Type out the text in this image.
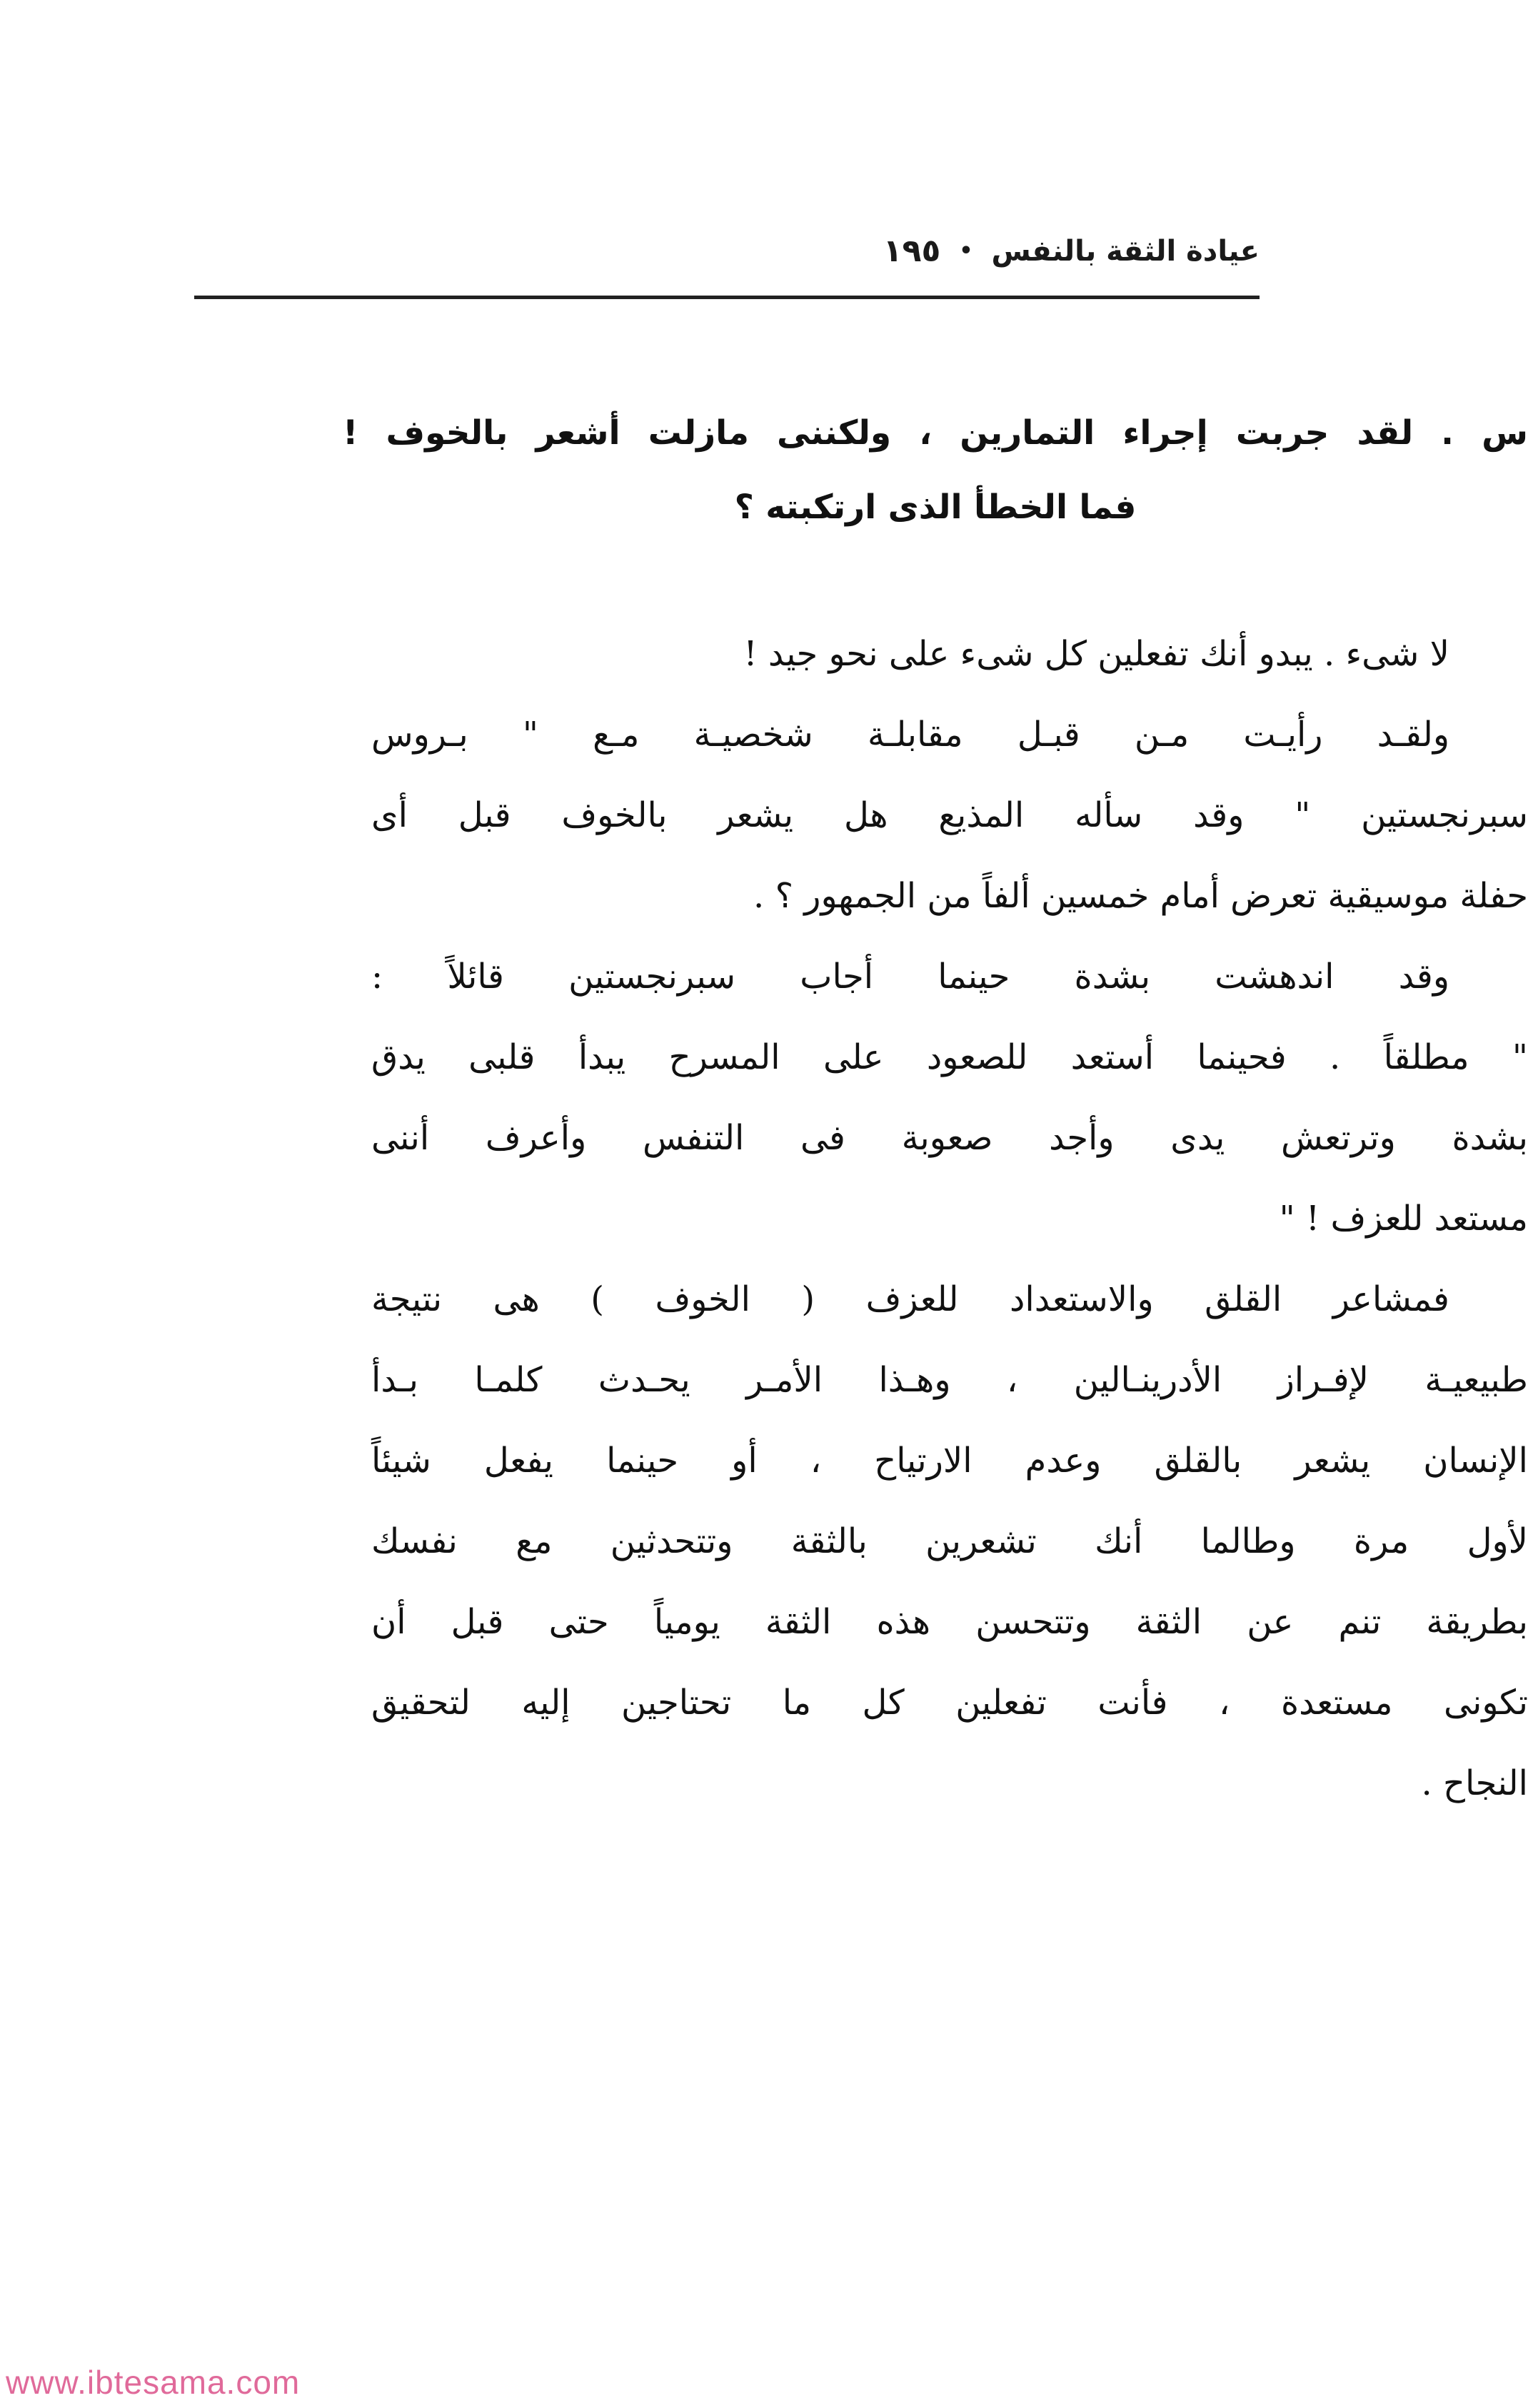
عيادة الثقة بالنفس
•
١٩٥
س . لقد جربت إجراء التمارين ، ولكننى مازلت أشعر بالخوف !
فما الخطأ الذى ارتكبته ؟

لا شىء . يبدو أنك تفعلين كل شىء على نحو جيد !

ولقـد رأيـت مـن قبـل مقابلـة شخصيـة مـع " بـروس
سبرنجستين " وقد سأله المذيع هل يشعر بالخوف قبل أى
حفلة موسيقية تعرض أمام خمسين ألفاً من الجمهور ؟ .

وقد اندهشت بشدة حينما أجاب سبرنجستين قائلاً :
" مطلقاً . فحينما أستعد للصعود على المسرح يبدأ قلبى يدق
بشدة وترتعش يدى وأجد صعوبة فى التنفس وأعرف أننى
مستعد للعزف ! "

فمشاعر القلق والاستعداد للعزف ( الخوف ) هى نتيجة
طبيعيـة لإفـراز الأدرينـالين ، وهـذا الأمـر يحـدث كلمـا بـدأ
الإنسان يشعر بالقلق وعدم الارتياح ، أو حينما يفعل شيئاً
لأول مرة وطالما أنك تشعرين بالثقة وتتحدثين مع نفسك
بطريقة تنم عن الثقة وتتحسن هذه الثقة يومياً حتى قبل أن
تكونى مستعدة ، فأنت تفعلين كل ما تحتاجين إليه لتحقيق
النجاح .

www.ibtesama.com
